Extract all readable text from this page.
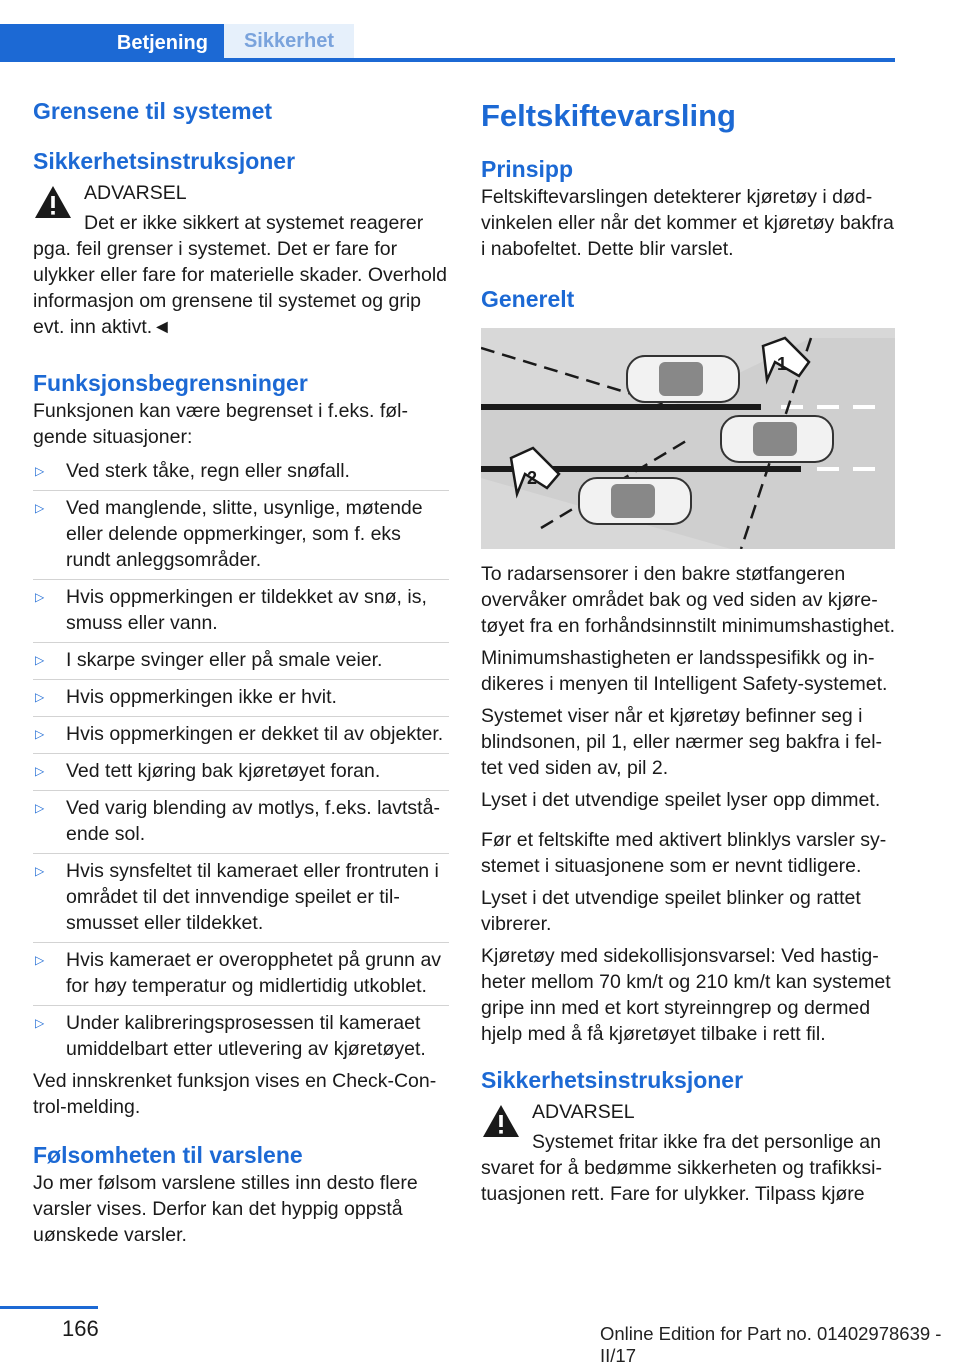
Betjening	Sikkerhet
Grensene til systemet
Sikkerhetsinstruksjoner

ADVARSEL

Det er ikke sikkert at systemet reagerer

pga. feil grenser i systemet. Det er fare for ulykker eller fare for materielle skader. Overhold informasjon om grensene til systemet og grip evt. inn aktivt.◄

Funksjonsbegrensninger

Funksjonen kan være begrenset i f.eks. følgende situasjoner:

▷ Ved sterk tåke, regn eller snøfall.
▷ Ved manglende, slitte, usynlige, møtende eller delende oppmerkinger, som f. eks rundt anleggsområder.
▷ Hvis oppmerkingen er tildekket av snø, is, smuss eller vann.
▷ I skarpe svinger eller på smale veier.
▷ Hvis oppmerkingen ikke er hvit.
▷ Hvis oppmerkingen er dekket til av objekter.
▷ Ved tett kjøring bak kjøretøyet foran.
▷ Ved varig blending av motlys, f.eks. lavtstående sol.
▷ Hvis synsfeltet til kameraet eller frontruten i området til det innvendige speilet er tilsmusset eller tildekket.
▷ Hvis kameraet er overopphetet på grunn av for høy temperatur og midlertidig utkoblet.
▷ Under kalibreringsprosessen til kameraet umiddelbart etter utlevering av kjøretøyet.

Ved innskrenket funksjon vises en Check-Control-melding.

Følsomheten til varslene

Jo mer følsom varslene stilles inn desto flere varsler vises. Derfor kan det hyppig oppstå uønskede varsler.

Feltskiftevarsling
Prinsipp

Feltskiftevarslingen detekterer kjøretøy i dødvinkelen eller når det kommer et kjøretøy bakfra i nabofeltet. Dette blir varslet.

Generelt
1
2

To radarsensorer i den bakre støtfangeren overvåker området bak og ved siden av kjøretøyet fra en forhåndsinnstilt minimumshastighet.

Minimumshastigheten er landsspesifikk og indikeres i menyen til Intelligent Safety-systemet.

Systemet viser når et kjøretøy befinner seg i blindsonen, pil 1, eller nærmer seg bakfra i feltet ved siden av, pil 2.

Lyset i det utvendige speilet lyser opp dimmet.

Før et feltskifte med aktivert blinklys varsler systemet i situasjonene som er nevnt tidligere.

Lyset i det utvendige speilet blinker og rattet vibrerer.

Kjøretøy med sidekollisjonsvarsel: Ved hastigheter mellom 70 km/t og 210 km/t kan systemet gripe inn med et kort styreinngrep og dermed hjelp med å få kjøretøyet tilbake i rett fil.

Sikkerhetsinstruksjoner

ADVARSEL

Systemet fritar ikke fra det personlige an

svaret for å bedømme sikkerheten og trafikksituasjonen rett. Fare for ulykker. Tilpass kjøre

166	Online Edition for Part no. 01402978639 - II/17
